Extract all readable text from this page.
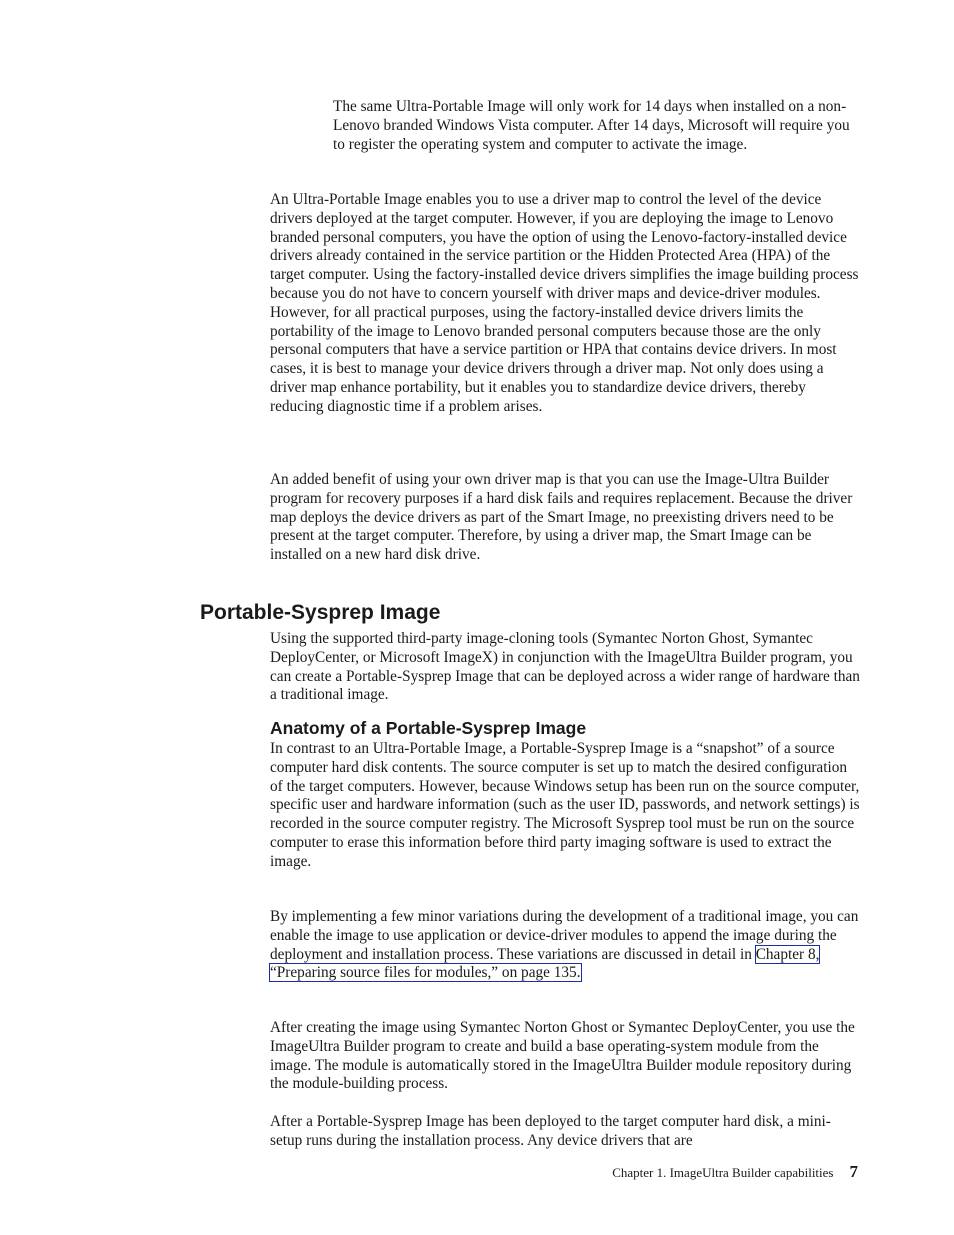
The same Ultra-Portable Image will only work for 14 days when installed on a non-Lenovo branded Windows Vista computer. After 14 days, Microsoft will require you to register the operating system and computer to activate the image.

An Ultra-Portable Image enables you to use a driver map to control the level of the device drivers deployed at the target computer. However, if you are deploying the image to Lenovo branded personal computers, you have the option of using the Lenovo-factory-installed device drivers already contained in the service partition or the Hidden Protected Area (HPA) of the target computer. Using the factory-installed device drivers simplifies the image building process because you do not have to concern yourself with driver maps and device-driver modules. However, for all practical purposes, using the factory-installed device drivers limits the portability of the image to Lenovo branded personal computers because those are the only personal computers that have a service partition or HPA that contains device drivers. In most cases, it is best to manage your device drivers through a driver map. Not only does using a driver map enhance portability, but it enables you to standardize device drivers, thereby reducing diagnostic time if a problem arises.

An added benefit of using your own driver map is that you can use the Image-Ultra Builder program for recovery purposes if a hard disk fails and requires replacement. Because the driver map deploys the device drivers as part of the Smart Image, no preexisting drivers need to be present at the target computer. Therefore, by using a driver map, the Smart Image can be installed on a new hard disk drive.

Portable-Sysprep Image

Using the supported third-party image-cloning tools (Symantec Norton Ghost, Symantec DeployCenter, or Microsoft ImageX) in conjunction with the ImageUltra Builder program, you can create a Portable-Sysprep Image that can be deployed across a wider range of hardware than a traditional image.

Anatomy of a Portable-Sysprep Image

In contrast to an Ultra-Portable Image, a Portable-Sysprep Image is a “snapshot” of a source computer hard disk contents. The source computer is set up to match the desired configuration of the target computers. However, because Windows setup has been run on the source computer, specific user and hardware information (such as the user ID, passwords, and network settings) is recorded in the source computer registry. The Microsoft Sysprep tool must be run on the source computer to erase this information before third party imaging software is used to extract the image.

By implementing a few minor variations during the development of a traditional image, you can enable the image to use application or device-driver modules to append the image during the deployment and installation process. These variations are discussed in detail in Chapter 8, “Preparing source files for modules,” on page 135.

After creating the image using Symantec Norton Ghost or Symantec DeployCenter, you use the ImageUltra Builder program to create and build a base operating-system module from the image. The module is automatically stored in the ImageUltra Builder module repository during the module-building process.

After a Portable-Sysprep Image has been deployed to the target computer hard disk, a mini-setup runs during the installation process. Any device drivers that are

Chapter 1. ImageUltra Builder capabilities 7
